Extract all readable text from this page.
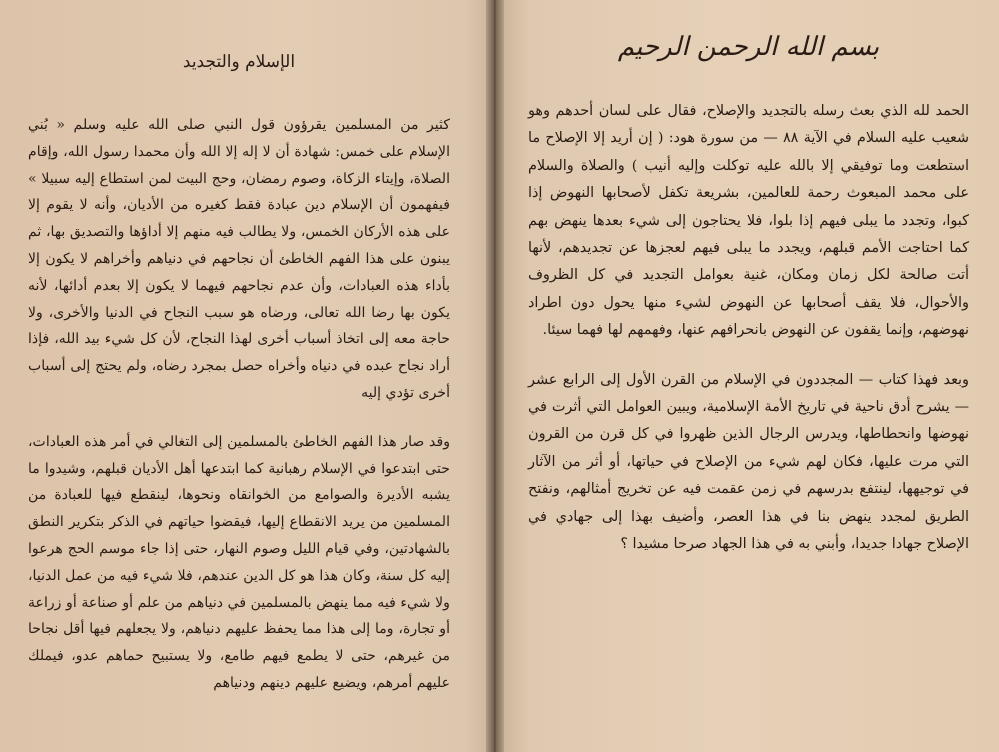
الإسلام والتجديد

كثير من المسلمين يقرؤون قول النبي صلى الله عليه وسلم « بُني الإسلام على خمس: شهادة أن لا إله إلا الله وأن محمدا رسول الله، وإقام الصلاة، وإيتاء الزكاة، وصوم رمضان، وحج البيت لمن استطاع إليه سبيلا » فيفهمون أن الإسلام دين عبادة فقط كغيره من الأديان، وأنه لا يقوم إلا على هذه الأركان الخمس، ولا يطالب فيه منهم إلا أداؤها والتصديق بها، ثم يبنون على هذا الفهم الخاطئ أن نجاحهم في دنياهم وأخراهم لا يكون إلا بأداء هذه العبادات، وأن عدم نجاحهم فيهما لا يكون إلا بعدم أدائها، لأنه يكون بها رضا الله تعالى، ورضاه هو سبب النجاح في الدنيا والأخرى، ولا حاجة معه إلى اتخاذ أسباب أخرى لهذا النجاح، لأن كل شيء بيد الله، فإذا أراد نجاح عبده في دنياه وأخراه حصل بمجرد رضاه، ولم يحتج إلى أسباب أخرى تؤدي إليه

وقد صار هذا الفهم الخاطئ بالمسلمين إلى التغالي في أمر هذه العبادات، حتى ابتدعوا في الإسلام رهبانية كما ابتدعها أهل الأديان قبلهم، وشيدوا ما يشبه الأديرة والصوامع من الخوانقاه ونحوها، لينقطع فيها للعبادة من المسلمين من يريد الانقطاع إليها، فيقضوا حياتهم في الذكر بتكرير النطق بالشهادتين، وفي قيام الليل وصوم النهار، حتى إذا جاء موسم الحج هرعوا إليه كل سنة، وكان هذا هو كل الدين عندهم، فلا شيء فيه من عمل الدنيا، ولا شيء فيه مما ينهض بالمسلمين في دنياهم من علم أو صناعة أو زراعة أو تجارة، وما إلى هذا مما يحفظ عليهم دنياهم، ولا يجعلهم فيها أقل نجاحا من غيرهم، حتى لا يطمع فيهم طامع، ولا يستبيح حماهم عدو، فيملك عليهم أمرهم، ويضيع عليهم دينهم ودنياهم

بسم الله الرحمن الرحيم

الحمد لله الذي بعث رسله بالتجديد والإصلاح، فقال على لسان أحدهم وهو شعيب عليه السلام في الآية ٨٨ — من سورة هود: ( إن أريد إلا الإصلاح ما استطعت وما توفيقي إلا بالله عليه توكلت وإليه أنيب ) والصلاة والسلام على محمد المبعوث رحمة للعالمين، بشريعة تكفل لأصحابها النهوض إذا كبوا، وتجدد ما يبلى فيهم إذا بلوا، فلا يحتاجون إلى شيء بعدها ينهض بهم كما احتاجت الأمم قبلهم، ويجدد ما يبلى فيهم لعجزها عن تجديدهم، لأنها أتت صالحة لكل زمان ومكان، غنية بعوامل التجديد في كل الظروف والأحوال، فلا يقف أصحابها عن النهوض لشيء منها يحول دون اطراد نهوضهم، وإنما يقفون عن النهوض بانحرافهم عنها، وفهمهم لها فهما سيئا.

وبعد فهذا كتاب — المجددون في الإسلام من القرن الأول إلى الرابع عشر — يشرح أدق ناحية في تاريخ الأمة الإسلامية، ويبين العوامل التي أثرت في نهوضها وانحطاطها، ويدرس الرجال الذين ظهروا في كل قرن من القرون التي مرت عليها، فكان لهم شيء من الإصلاح في حياتها، أو أثر من الآثار في توجيهها، لينتفع بدرسهم في زمن عقمت فيه عن تخريج أمثالهم، ونفتح الطريق لمجدد ينهض بنا في هذا العصر، وأضيف بهذا إلى جهادي في الإصلاح جهادا جديدا، وأبني به في هذا الجهاد صرحا مشيدا ؟
